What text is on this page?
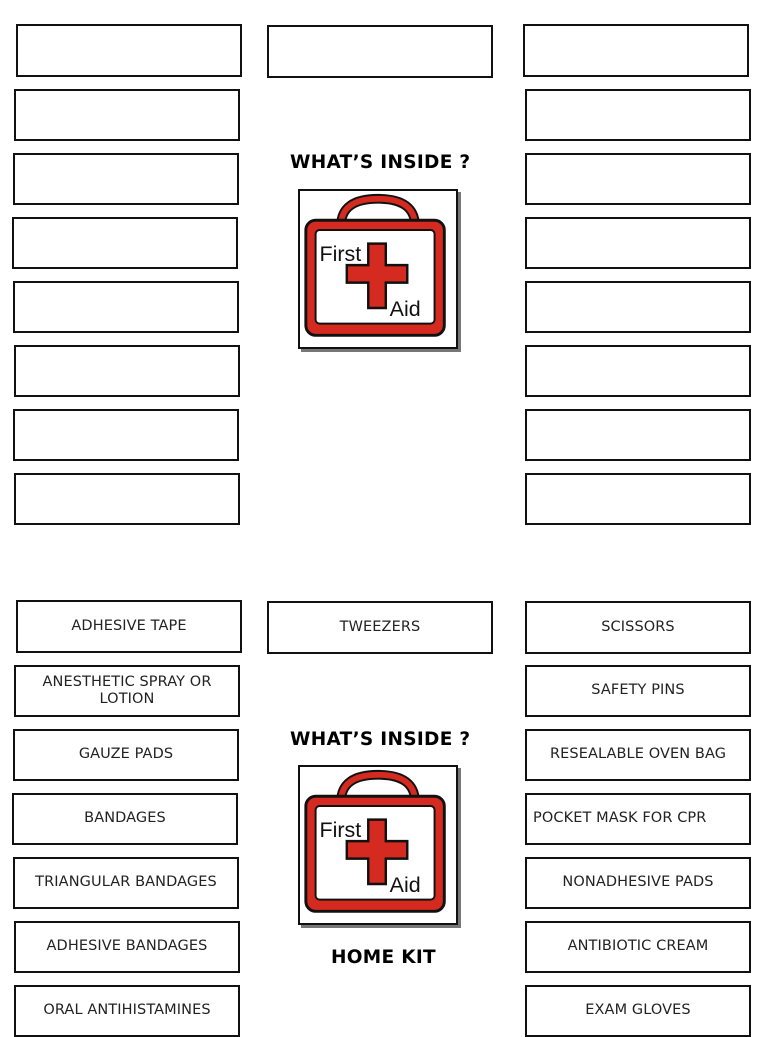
WHAT’S INSIDE ?
First
Aid
ADHESIVE TAPE	TWEEZERS	SCISSORS
ANESTHETIC SPRAY OR LOTION
SAFETY PINS
GAUZE PADS	RESEALABLE OVEN BAG
BANDAGES	POCKET MASK FOR CPR
TRIANGULAR BANDAGES	NONADHESIVE PADS
ADHESIVE BANDAGES	ANTIBIOTIC CREAM
ORAL ANTIHISTAMINES	EXAM GLOVES
WHAT’S INSIDE ?
First
Aid
HOME KIT
